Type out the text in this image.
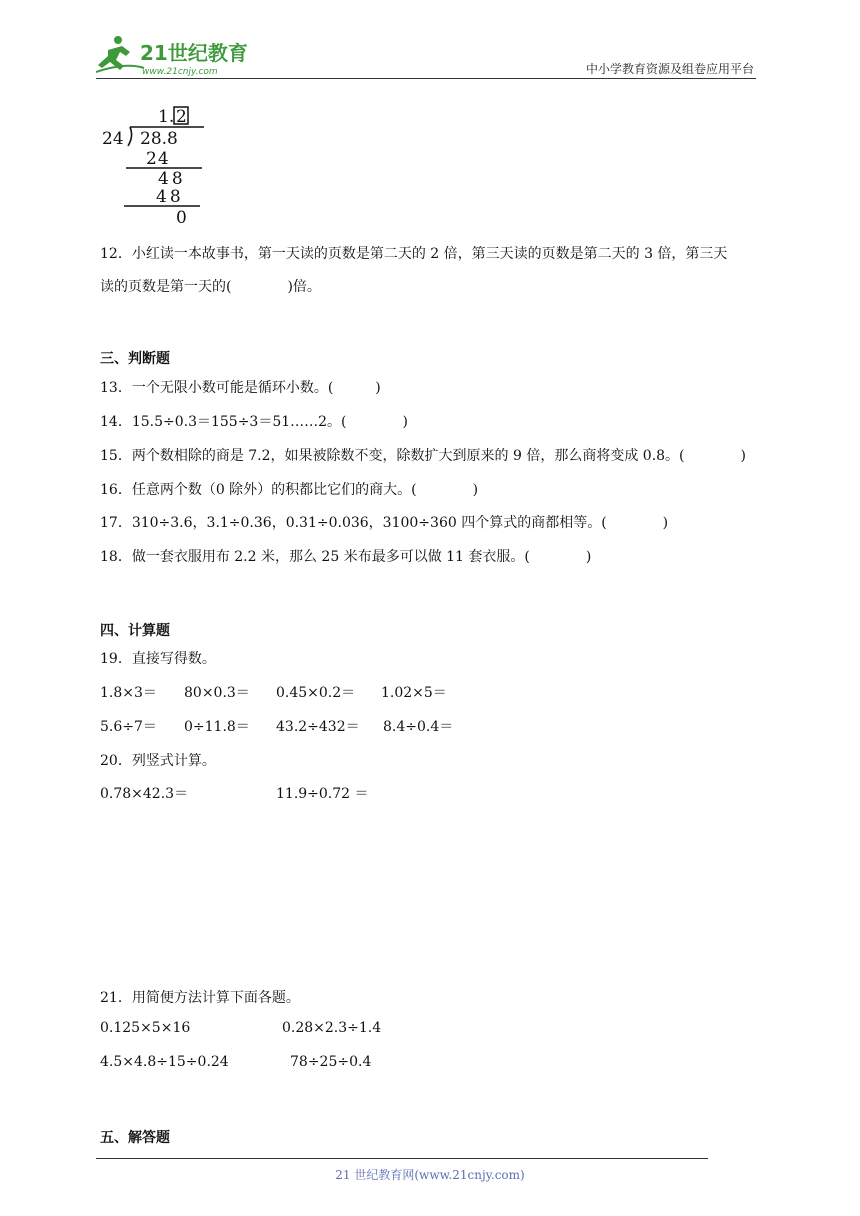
21世纪教育
www.21cnjy.com	中小学教育资源及组卷应用平台
1. 2
24 28.8
24
48
48
0
12．小红读一本故事书，第一天读的页数是第二天的 2 倍，第三天读的页数是第二天的 3 倍，第三天
读的页数是第一天的(　　　　)倍。
三、判断题
13．一个无限小数可能是循环小数。(　　　)
14．15.5÷0.3＝155÷3＝51……2。(　　　　)
15．两个数相除的商是 7.2，如果被除数不变，除数扩大到原来的 9 倍，那么商将变成 0.8。(　　　　)
16．任意两个数（0 除外）的积都比它们的商大。(　　　　)
17．310÷3.6，3.1÷0.36，0.31÷0.036，3100÷360 四个算式的商都相等。(　　　　)
18．做一套衣服用布 2.2 米，那么 25 米布最多可以做 11 套衣服。(　　　　)
四、计算题
19．直接写得数。
1.8×3＝ 80×0.3＝ 0.45×0.2＝ 1.02×5＝
5.6÷7＝ 0÷11.8＝ 43.2÷432＝ 8.4÷0.4＝
20．列竖式计算。
0.78×42.3＝	11.9÷0.72 ＝
21．用简便方法计算下面各题。
0.125×5×16	0.28×2.3÷1.4
4.5×4.8÷15÷0.24	78÷25÷0.4
五、解答题
21 世纪教育网(www.21cnjy.com)
